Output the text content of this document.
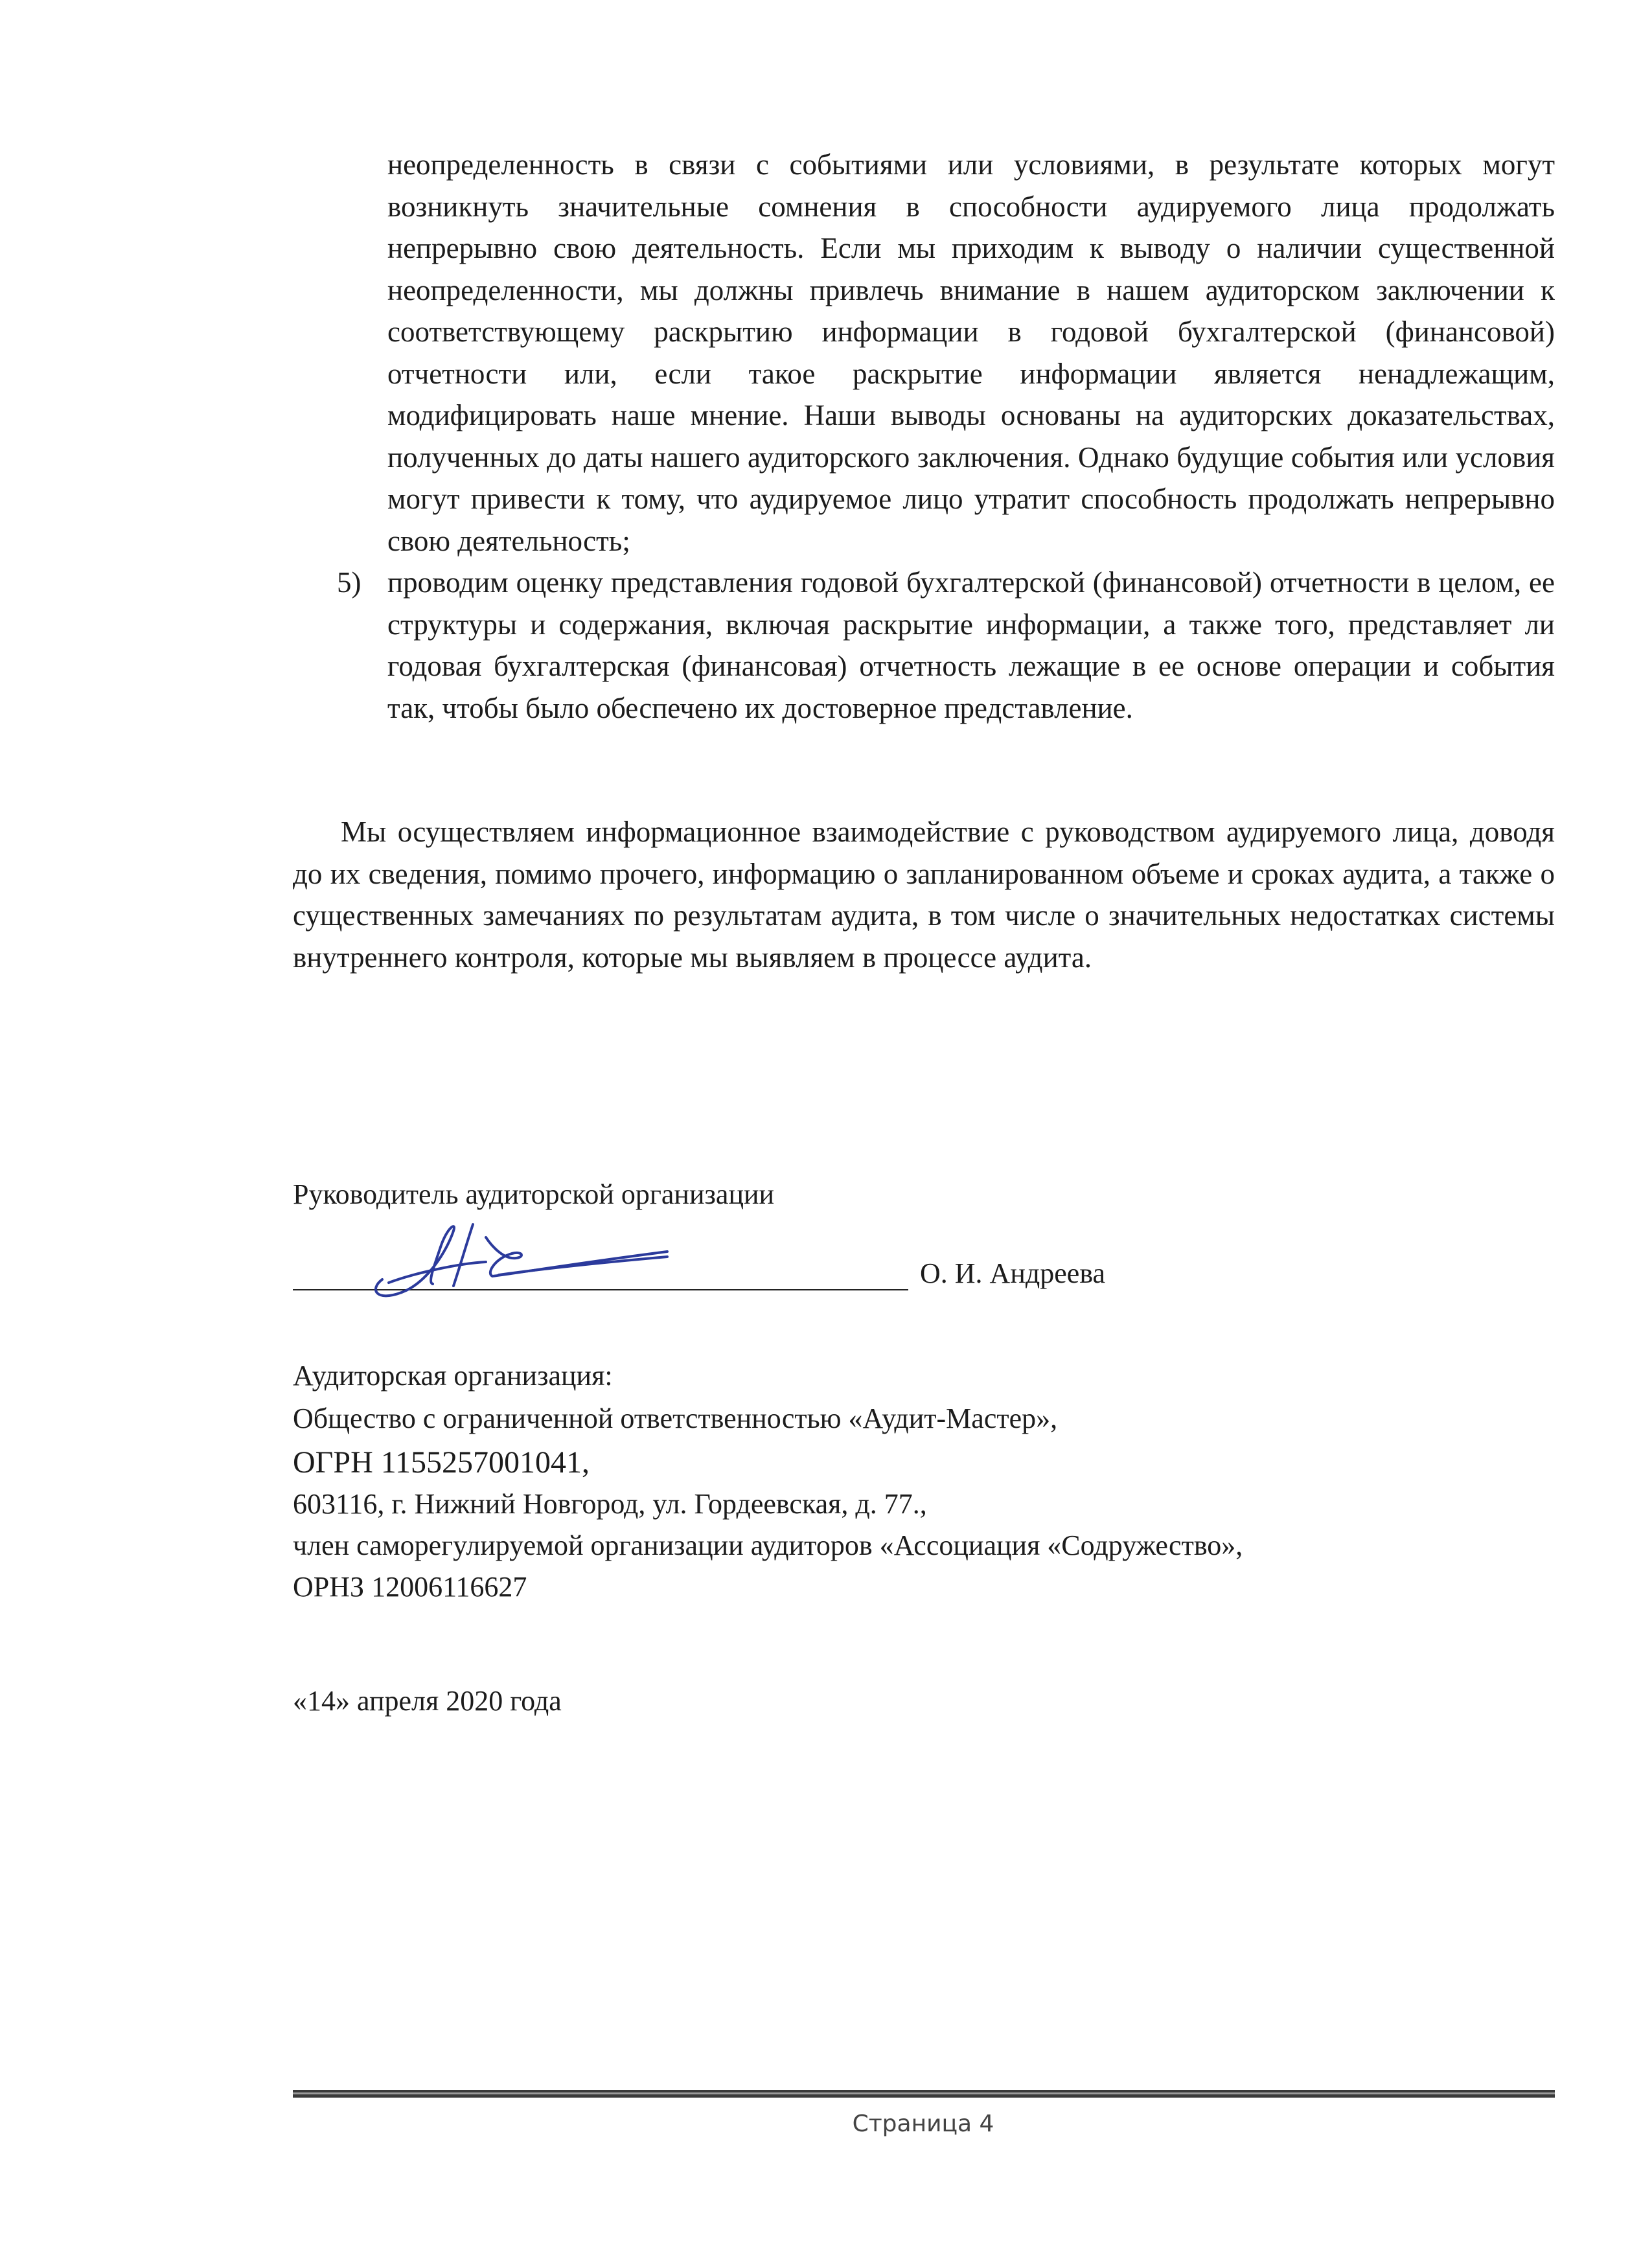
неопределенность в связи с событиями или условиями, в результате которых могут возникнуть значительные сомнения в способности аудируемого лица продолжать непрерывно свою деятельность. Если мы приходим к выводу о наличии существенной неопределенности, мы должны привлечь внимание в нашем аудиторском заключении к соответствующему раскрытию информации в годовой бухгалтерской (финансовой) отчетности или, если такое раскрытие информации является ненадлежащим, модифицировать наше мнение. Наши выводы основаны на аудиторских доказательствах, полученных до даты нашего аудиторского заключения. Однако будущие события или условия могут привести к тому, что аудируемое лицо утратит способность продолжать непрерывно свою деятельность;
5) проводим оценку представления годовой бухгалтерской (финансовой) отчетности в целом, ее структуры и содержания, включая раскрытие информации, а также того, представляет ли годовая бухгалтерская (финансовая) отчетность лежащие в ее основе операции и события так, чтобы было обеспечено их достоверное представление.

Мы осуществляем информационное взаимодействие с руководством аудируемого лица, доводя до их сведения, помимо прочего, информацию о запланированном объеме и сроках аудита, а также о существенных замечаниях по результатам аудита, в том числе о значительных недостатках системы внутреннего контроля, которые мы выявляем в процессе аудита.

Руководитель аудиторской организации
О. И. Андреева
Аудиторская организация:
Общество с ограниченной ответственностью «Аудит-Мастер»,
ОГРН 1155257001041,
603116, г. Нижний Новгород, ул. Гордеевская, д. 77.,
член саморегулируемой организации аудиторов «Ассоциация «Содружество»,
ОРНЗ 12006116627
«14» апреля 2020 года
Страница 4
